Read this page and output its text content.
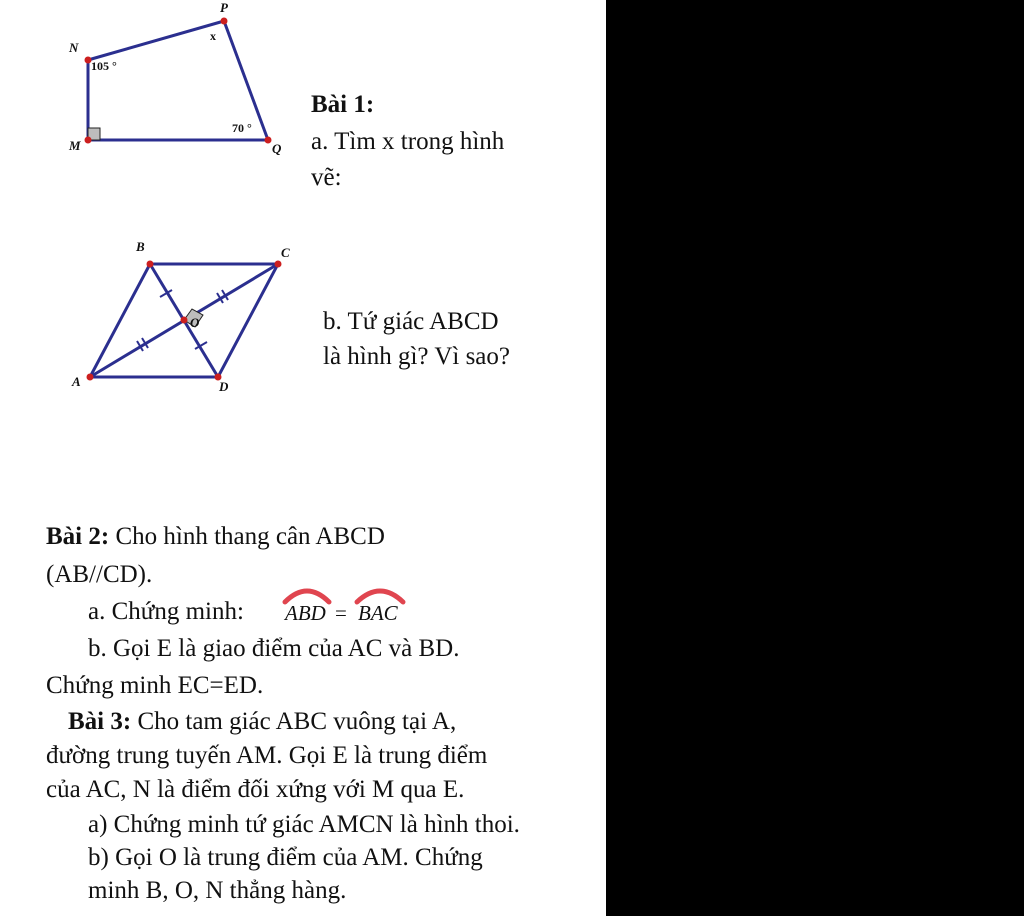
N
P
M	Q
105 °
70 °
x
B	C
A	D
O
Bài 1:
a. Tìm x trong hình
vẽ:
b. Tứ giác ABCD
là hình gì? Vì sao?
Bài 2: Cho hình thang cân ABCD
(AB//CD).
a. Chứng minh: ABD = BAC
b. Gọi E là giao điểm của AC và BD.
Chứng minh EC=ED.
Bài 3: Cho tam giác ABC vuông tại A,
đường trung tuyến AM. Gọi E là trung điểm
của AC, N là điểm đối xứng với M qua E.
a) Chứng minh tứ giác AMCN là hình thoi.
b) Gọi O là trung điểm của AM. Chứng
minh B, O, N thẳng hàng.
